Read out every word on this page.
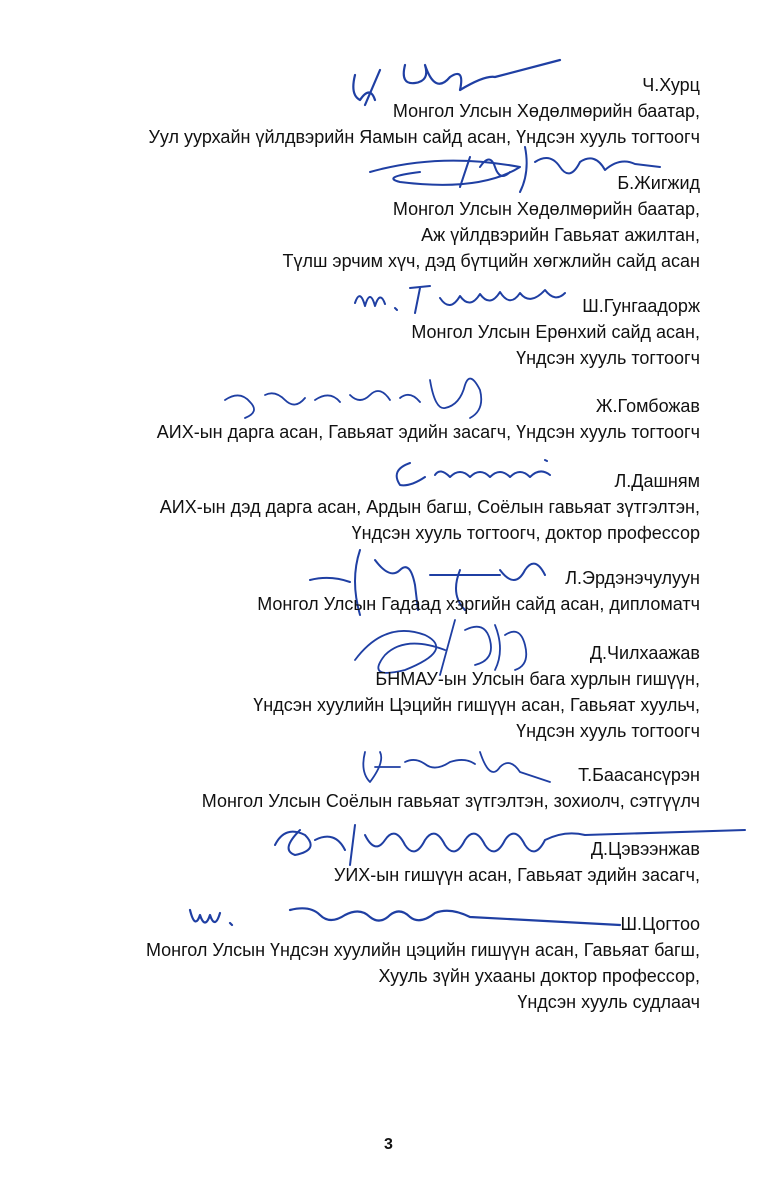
Ч.Хурц
Монгол Улсын Хөдөлмөрийн баатар,
Уул уурхайн үйлдвэрийн Яамын сайд асан, Үндсэн хууль тогтоогч
Б.Жигжид
Монгол Улсын Хөдөлмөрийн баатар,
Аж үйлдвэрийн Гавьяат ажилтан,
Түлш эрчим хүч, дэд бүтцийн хөгжлийн сайд асан
Ш.Гунгаадорж
Монгол Улсын Ерөнхий сайд асан,
Үндсэн хууль тогтоогч
Ж.Гомбожав
АИХ-ын дарга асан, Гавьяат эдийн засагч, Үндсэн хууль тогтоогч
Л.Дашням
АИХ-ын дэд дарга асан, Ардын багш, Соёлын гавьяат зүтгэлтэн,
Үндсэн хууль тогтоогч, доктор профессор
Л.Эрдэнэчулуун
Монгол Улсын Гадаад хэргийн сайд асан, дипломатч
Д.Чилхаажав
БНМАУ-ын Улсын бага хурлын гишүүн,
Үндсэн хуулийн Цэцийн гишүүн асан, Гавьяат хуульч,
Үндсэн хууль тогтоогч
Т.Баасансүрэн
Монгол Улсын Соёлын гавьяат зүтгэлтэн, зохиолч, сэтгүүлч
Д.Цэвээнжав
УИХ-ын гишүүн асан, Гавьяат эдийн засагч,
Ш.Цогтоо
Монгол Улсын Үндсэн хуулийн цэцийн гишүүн асан, Гавьяат багш,
Хууль зүйн ухааны доктор профессор,
Үндсэн хууль судлаач
3
